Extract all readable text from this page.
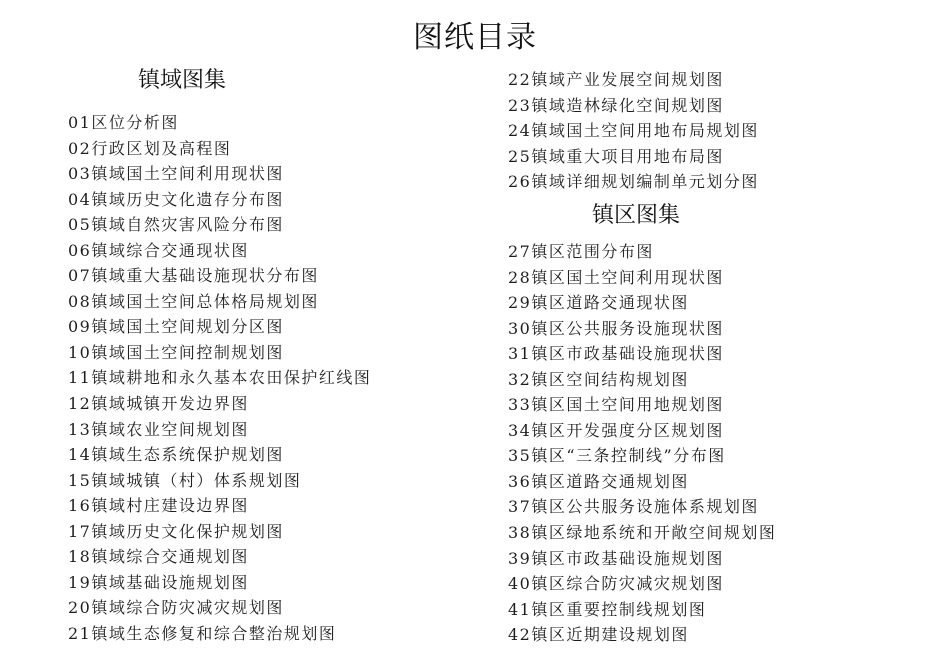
图纸目录
镇域图集
01区位分析图
02行政区划及高程图
03镇域国土空间利用现状图
04镇域历史文化遗存分布图
05镇域自然灾害风险分布图
06镇域综合交通现状图
07镇域重大基础设施现状分布图
08镇域国土空间总体格局规划图
09镇域国土空间规划分区图
10镇域国土空间控制规划图
11镇域耕地和永久基本农田保护红线图
12镇域城镇开发边界图
13镇域农业空间规划图
14镇域生态系统保护规划图
15镇域城镇（村）体系规划图
16镇域村庄建设边界图
17镇域历史文化保护规划图
18镇域综合交通规划图
19镇域基础设施规划图
20镇域综合防灾减灾规划图
21镇域生态修复和综合整治规划图
22镇域产业发展空间规划图
23镇域造林绿化空间规划图
24镇域国土空间用地布局规划图
25镇域重大项目用地布局图
26镇域详细规划编制单元划分图
镇区图集
27镇区范围分布图
28镇区国土空间利用现状图
29镇区道路交通现状图
30镇区公共服务设施现状图
31镇区市政基础设施现状图
32镇区空间结构规划图
33镇区国土空间用地规划图
34镇区开发强度分区规划图
35镇区“三条控制线”分布图
36镇区道路交通规划图
37镇区公共服务设施体系规划图
38镇区绿地系统和开敞空间规划图
39镇区市政基础设施规划图
40镇区综合防灾减灾规划图
41镇区重要控制线规划图
42镇区近期建设规划图
